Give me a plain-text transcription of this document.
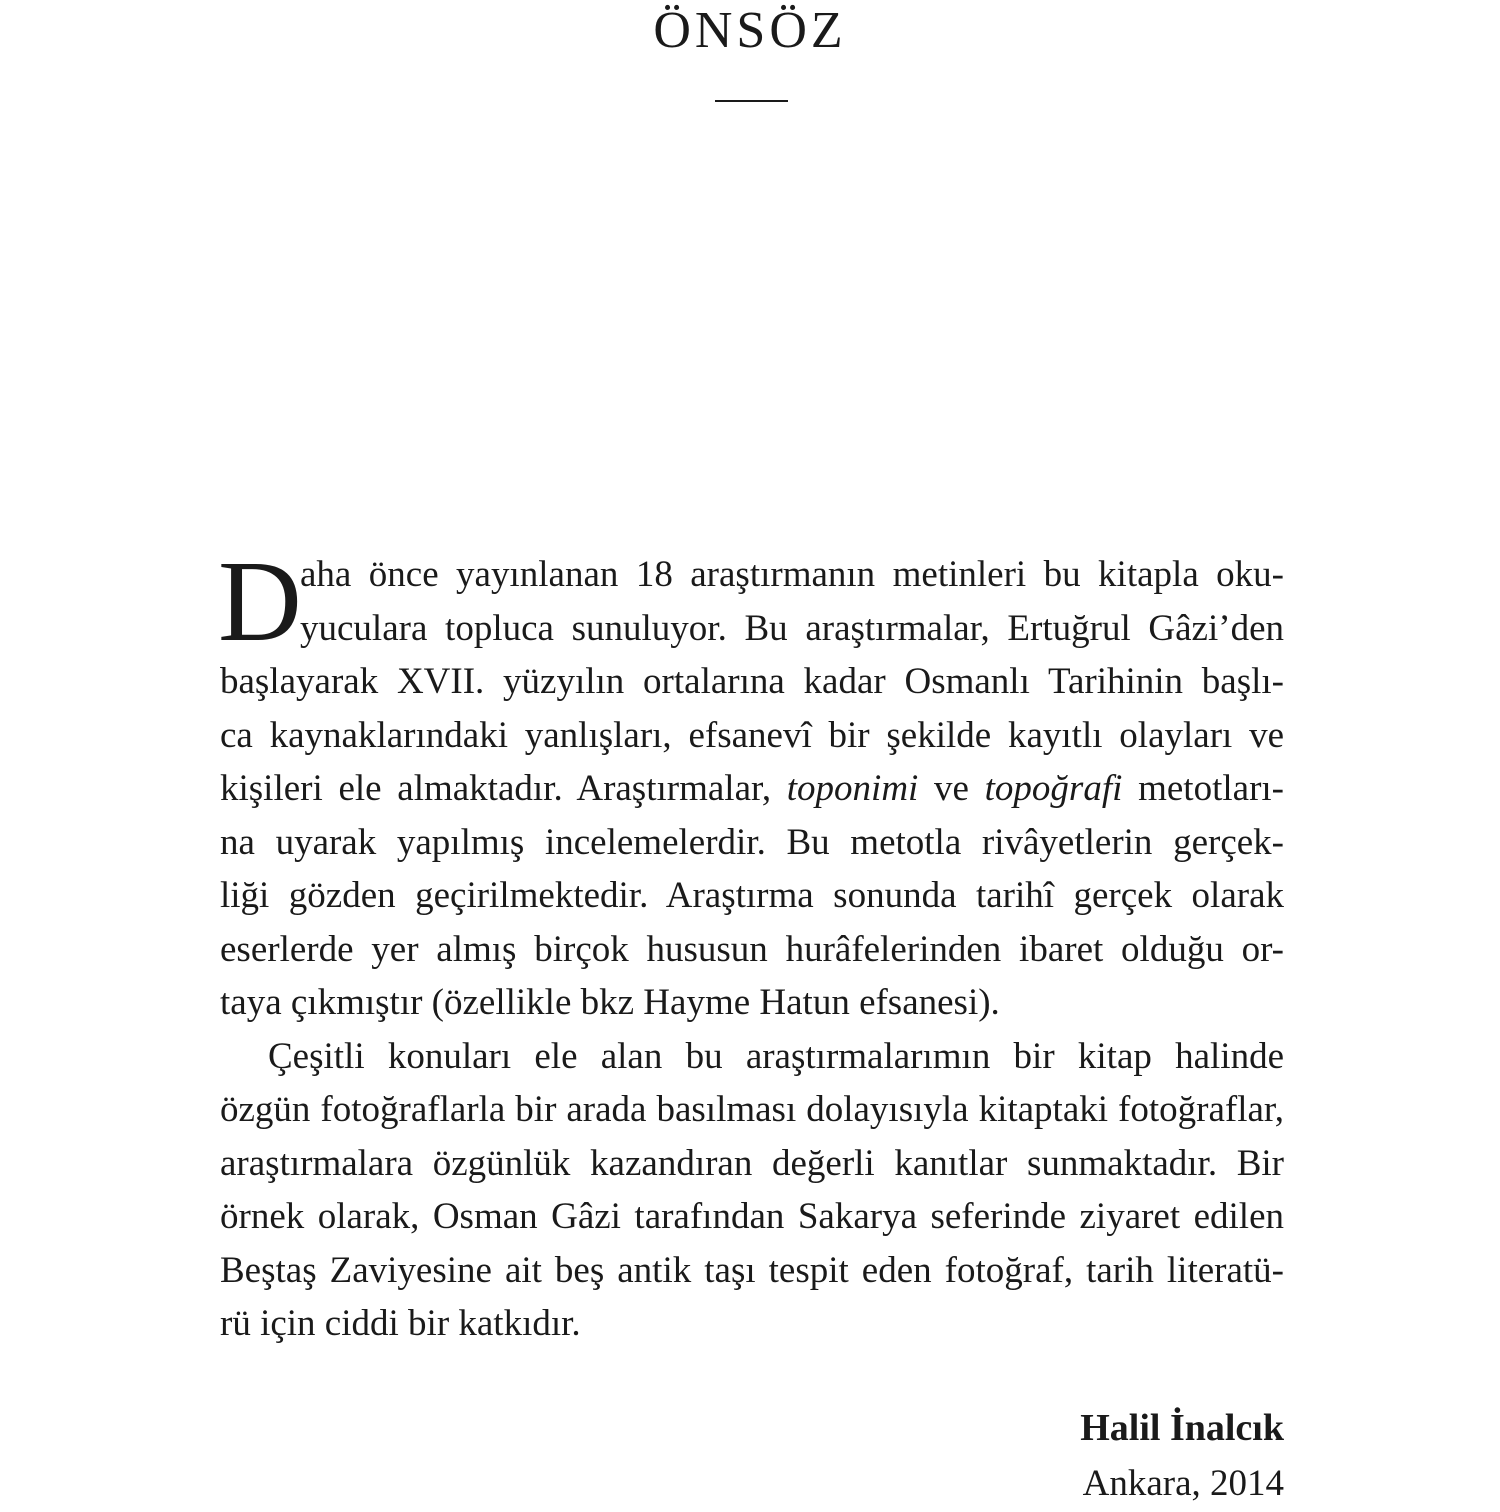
ÖNSÖZ
D
aha önce yayınlanan 18 araştırmanın metinleri bu kitapla oku-
yuculara topluca sunuluyor. Bu araştırmalar, Ertuğrul Gâzi’den
başlayarak XVII. yüzyılın ortalarına kadar Osmanlı Tarihinin başlı-
ca kaynaklarındaki yanlışları, efsanevî bir şekilde kayıtlı olayları ve
kişileri ele almaktadır. Araştırmalar, toponimi ve topoğrafi metotları-
na uyarak yapılmış incelemelerdir. Bu metotla rivâyetlerin gerçek-
liği gözden geçirilmektedir. Araştırma sonunda tarihî gerçek olarak
eserlerde yer almış birçok hususun hurâfelerinden ibaret olduğu or-
taya çıkmıştır (özellikle bkz Hayme Hatun efsanesi).
Çeşitli konuları ele alan bu araştırmalarımın bir kitap halinde
özgün fotoğraflarla bir arada basılması dolayısıyla kitaptaki fotoğraflar,
araştırmalara özgünlük kazandıran değerli kanıtlar sunmaktadır. Bir
örnek olarak, Osman Gâzi tarafından Sakarya seferinde ziyaret edilen
Beştaş Zaviyesine ait beş antik taşı tespit eden fotoğraf, tarih literatü-
rü için ciddi bir katkıdır.
Halil İnalcık
Ankara, 2014
